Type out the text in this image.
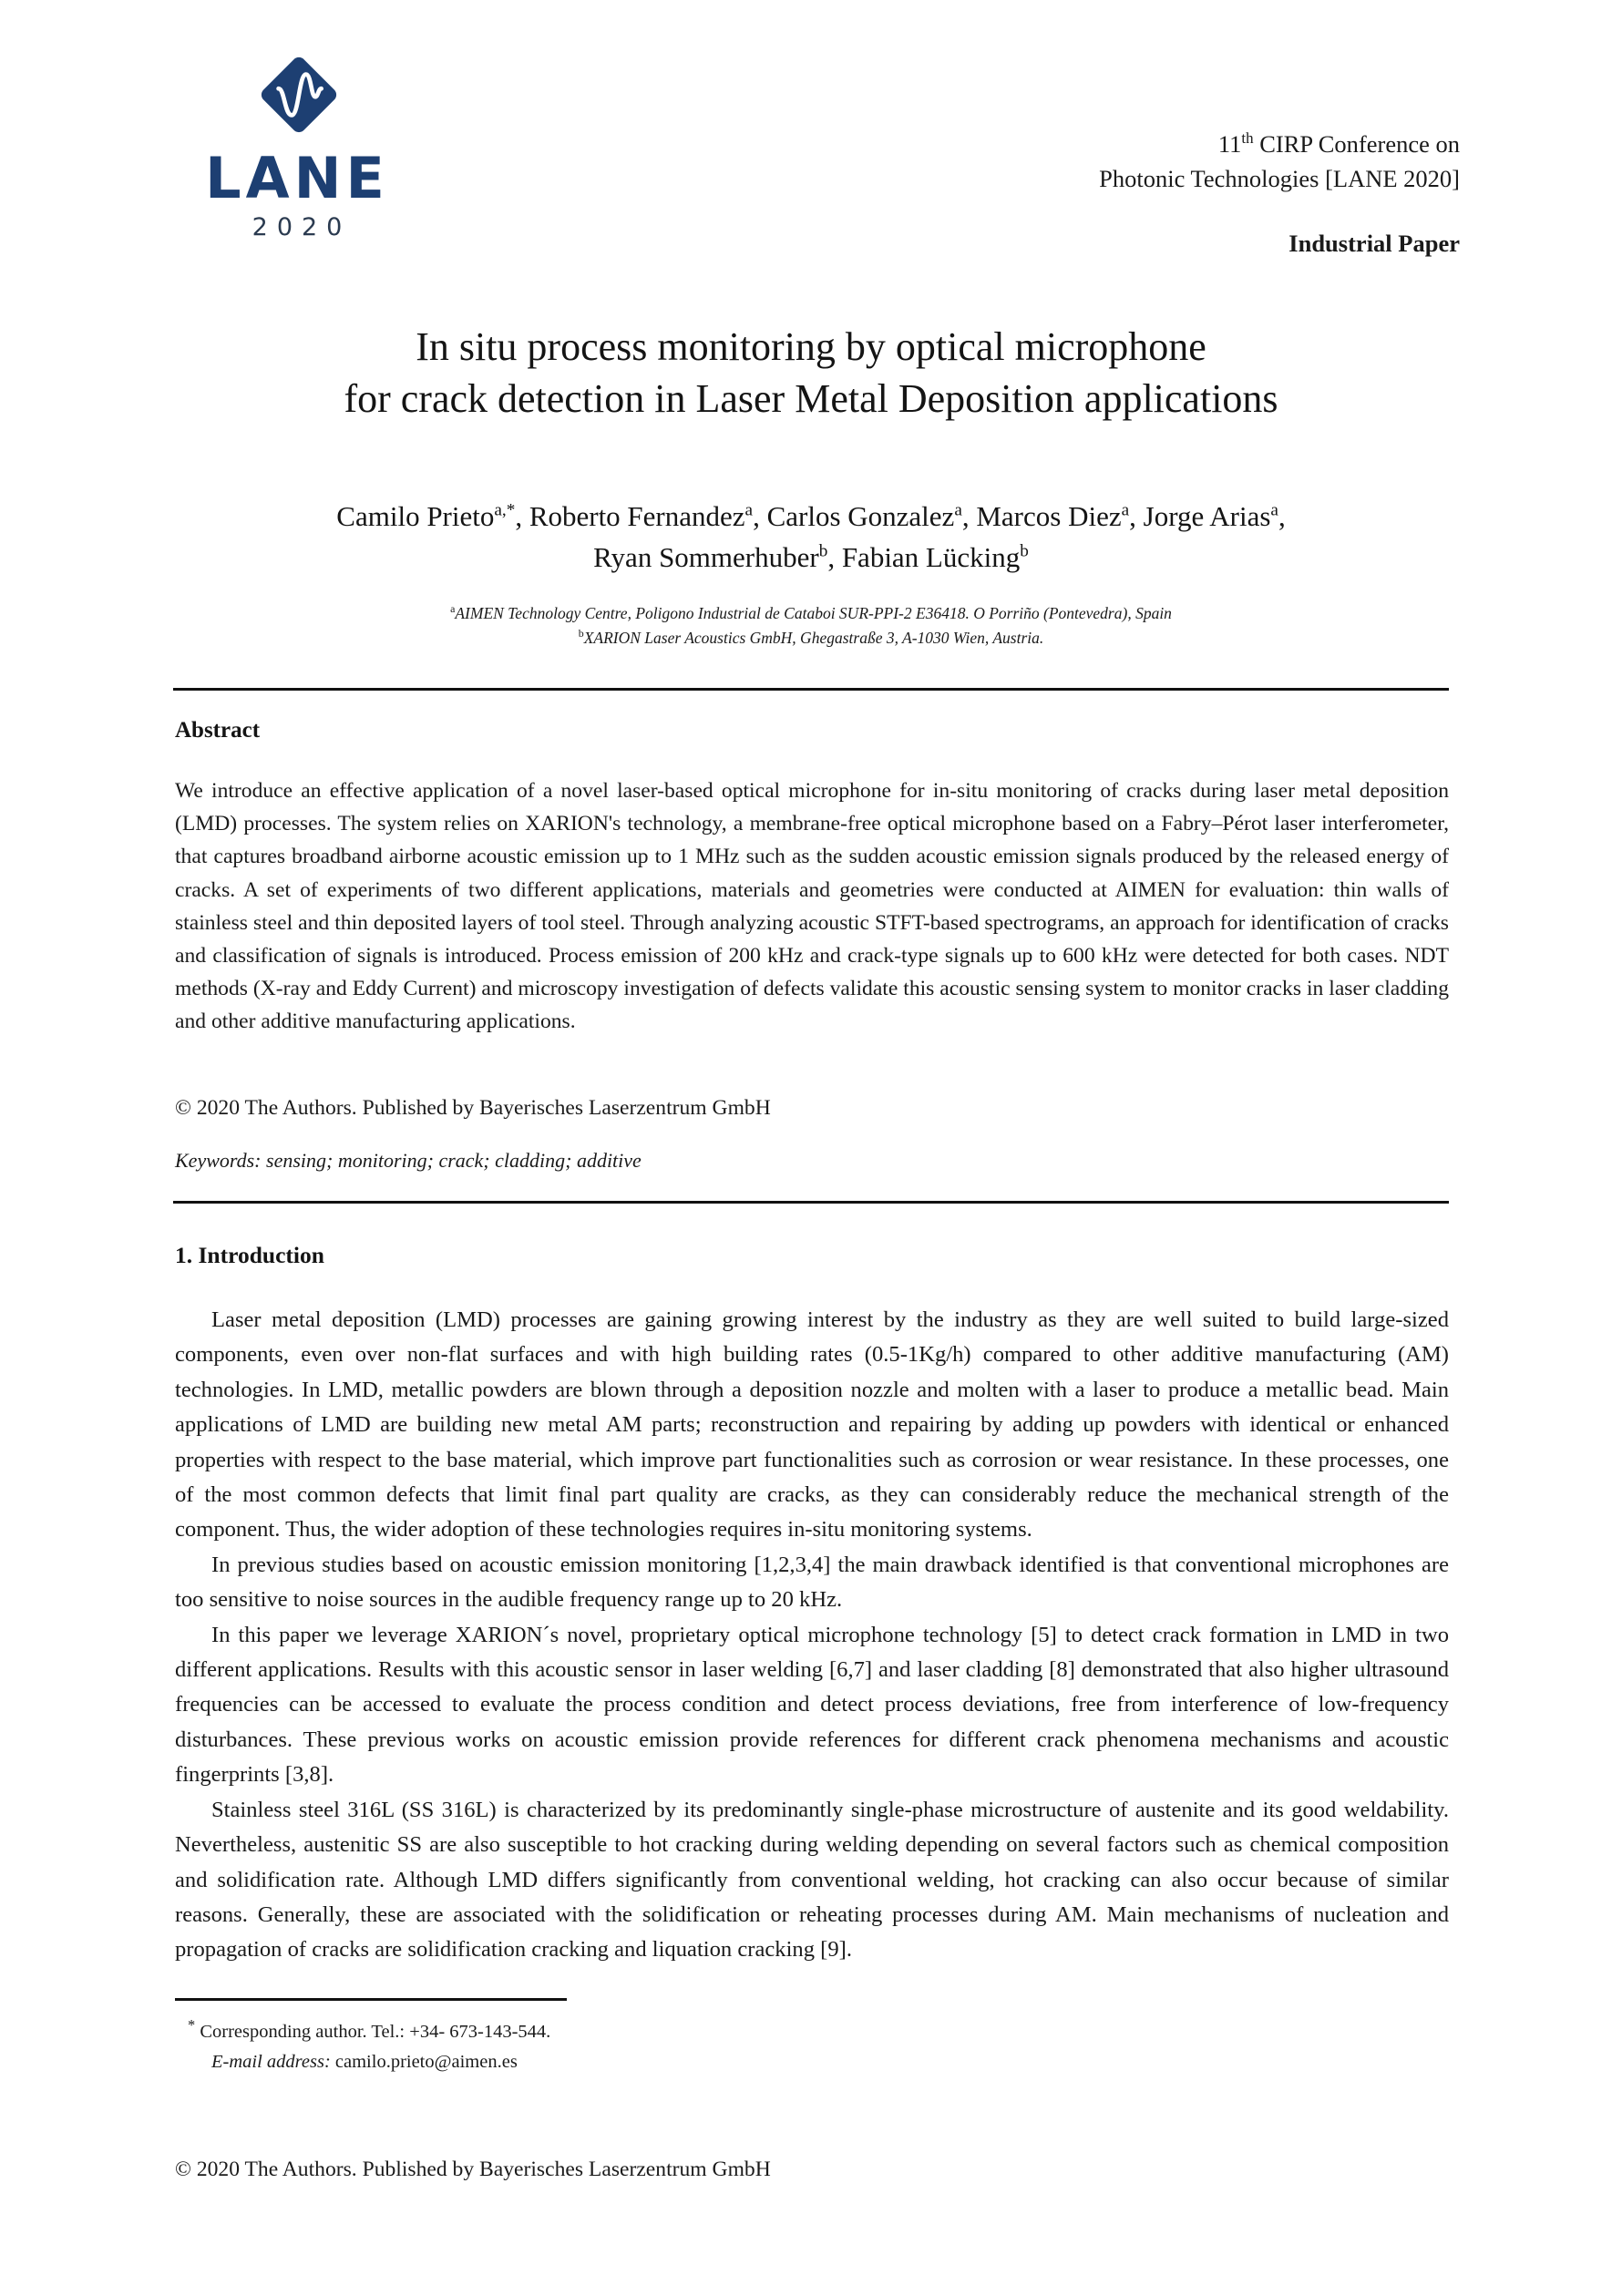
LANE
2020
11th CIRP Conference on
Photonic Technologies [LANE 2020]
Industrial Paper
In situ process monitoring by optical microphone
for crack detection in Laser Metal Deposition applications
Camilo Prieto$^{a,*}$, Roberto Fernandez$^a$, Carlos Gonzalez$^a$, Marcos Diez$^a$, Jorge Arias$^a$,
Ryan Sommerhuber$^b$, Fabian Lücking$^b$
$^a$AIMEN Technology Centre, Poligono Industrial de Cataboi SUR-PPI-2 E36418. O Porriño (Pontevedra), Spain
$^b$XARION Laser Acoustics GmbH, Ghegastraße 3, A-1030 Wien, Austria.
Abstract
We introduce an effective application of a novel laser-based optical microphone for in-situ monitoring of cracks during laser metal deposition (LMD) processes. The system relies on XARION's technology, a membrane-free optical microphone based on a Fabry–Pérot laser interferometer, that captures broadband airborne acoustic emission up to 1 MHz such as the sudden acoustic emission signals produced by the released energy of cracks. A set of experiments of two different applications, materials and geometries were conducted at AIMEN for evaluation: thin walls of stainless steel and thin deposited layers of tool steel. Through analyzing acoustic STFT-based spectrograms, an approach for identification of cracks and classification of signals is introduced. Process emission of 200 kHz and crack-type signals up to 600 kHz were detected for both cases. NDT methods (X-ray and Eddy Current) and microscopy investigation of defects validate this acoustic sensing system to monitor cracks in laser cladding and other additive manufacturing applications.
© 2020 The Authors. Published by Bayerisches Laserzentrum GmbH
Keywords: sensing; monitoring; crack; cladding; additive
1. Introduction

Laser metal deposition (LMD) processes are gaining growing interest by the industry as they are well suited to build large-sized components, even over non-flat surfaces and with high building rates (0.5-1Kg/h) compared to other additive manufacturing (AM) technologies. In LMD, metallic powders are blown through a deposition nozzle and molten with a laser to produce a metallic bead. Main applications of LMD are building new metal AM parts; reconstruction and repairing by adding up powders with identical or enhanced properties with respect to the base material, which improve part functionalities such as corrosion or wear resistance. In these processes, one of the most common defects that limit final part quality are cracks, as they can considerably reduce the mechanical strength of the component. Thus, the wider adoption of these technologies requires in-situ monitoring systems.

In previous studies based on acoustic emission monitoring [1,2,3,4] the main drawback identified is that conventional microphones are too sensitive to noise sources in the audible frequency range up to 20 kHz.

In this paper we leverage XARION´s novel, proprietary optical microphone technology [5] to detect crack formation in LMD in two different applications. Results with this acoustic sensor in laser welding [6,7] and laser cladding [8] demonstrated that also higher ultrasound frequencies can be accessed to evaluate the process condition and detect process deviations, free from interference of low-frequency disturbances. These previous works on acoustic emission provide references for different crack phenomena mechanisms and acoustic fingerprints [3,8].

Stainless steel 316L (SS 316L) is characterized by its predominantly single-phase microstructure of austenite and its good weldability. Nevertheless, austenitic SS are also susceptible to hot cracking during welding depending on several factors such as chemical composition and solidification rate. Although LMD differs significantly from conventional welding, hot cracking can also occur because of similar reasons. Generally, these are associated with the solidification or reheating processes during AM. Main mechanisms of nucleation and propagation of cracks are solidification cracking and liquation cracking [9].

* Corresponding author. Tel.: +34- 673-143-544.
E-mail address: camilo.prieto@aimen.es
© 2020 The Authors. Published by Bayerisches Laserzentrum GmbH
